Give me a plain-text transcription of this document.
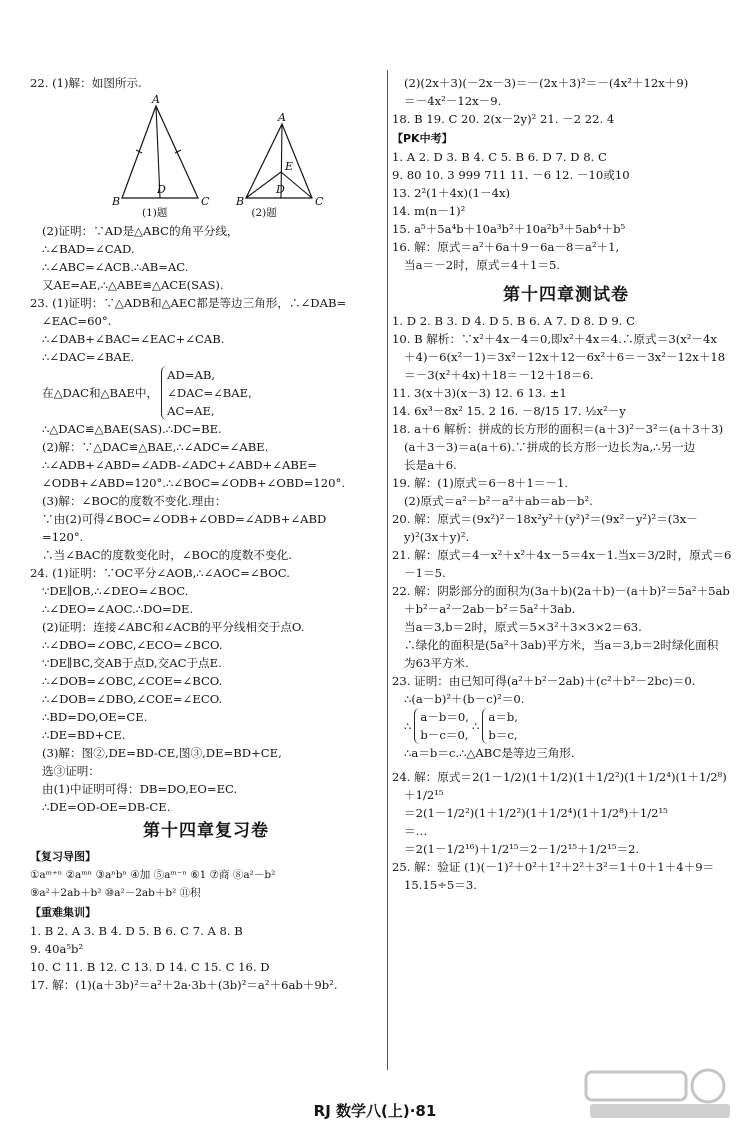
22. (1)解：如图所示.
A
B	C
D
A
B	C
D
E
(1)题	(2)题
(2)证明：∵AD是△ABC的角平分线，
∴∠BAD=∠CAD.
∴∠ABC=∠ACB.∴AB=AC.
又AE=AE,∴△ABE≌△ACE(SAS).
23. (1)证明：∵△ADB和△AEC都是等边三角形，∴∠DAB=
∠EAC=60°.
∴∠DAB+∠BAC=∠EAC+∠CAB.
∴∠DAC=∠BAE.
在△DAC和△BAE中，
AD=AB,
∠DAC=∠BAE,
AC=AE,
∴△DAC≌△BAE(SAS).∴DC=BE.
(2)解：∵△DAC≌△BAE,∴∠ADC=∠ABE.
∴∠ADB+∠ABD=∠ADB-∠ADC+∠ABD+∠ABE=
∠ODB+∠ABD=120°.∴∠BOC=∠ODB+∠OBD=120°.
(3)解：∠BOC的度数不变化.理由：
∵由(2)可得∠BOC=∠ODB+∠OBD=∠ADB+∠ABD
=120°.
∴当∠BAC的度数变化时，∠BOC的度数不变化.
24. (1)证明：∵OC平分∠AOB,∴∠AOC=∠BOC.
∵DE∥OB,∴∠DEO=∠BOC.
∴∠DEO=∠AOC.∴DO=DE.
(2)证明：连接∠ABC和∠ACB的平分线相交于点O.
∴∠DBO=∠OBC,∠ECO=∠BCO.
∵DE∥BC,交AB于点D,交AC于点E.
∴∠DOB=∠OBC,∠COE=∠BCO.
∴∠DOB=∠DBO,∠COE=∠ECO.
∴BD=DO,OE=CE.
∴DE=BD+CE.
(3)解：图②,DE=BD-CE,图③,DE=BD+CE,
选③证明：
由(1)中证明可得：DB=DO,EO=EC.
∴DE=OD-OE=DB-CE.
第十四章复习卷
【复习导图】
①aᵐ⁺ⁿ ②aᵐⁿ ③aⁿbⁿ ④加 ⑤aᵐ⁻ⁿ ⑥1 ⑦商 ⑧a²－b²
⑨a²＋2ab＋b² ⑩a²－2ab＋b² ⑪积
【重难集训】
1. B 2. A 3. B 4. D 5. B 6. C 7. A 8. B
9. 40a⁵b²
10. C 11. B 12. C 13. D 14. C 15. C 16. D
17. 解：(1)(a＋3b)²＝a²＋2a·3b＋(3b)²＝a²＋6ab＋9b².
(2)(2x＋3)(－2x－3)＝－(2x＋3)²＝－(4x²＋12x＋9)
＝－4x²－12x－9.
18. B 19. C 20. 2(x－2y)² 21. －2 22. 4
【PK中考】
1. A 2. D 3. B 4. C 5. B 6. D 7. D 8. C
9. 80 10. 3 999 711 11. －6 12. －10或10
13. 2²(1＋4x)(1－4x)
14. m(n－1)²
15. a⁵＋5a⁴b＋10a³b²＋10a²b³＋5ab⁴＋b⁵
16. 解：原式＝a²＋6a＋9－6a－8＝a²＋1,
当a＝－2时，原式＝4＋1＝5.
第十四章测试卷
1. D 2. B 3. D 4. D 5. B 6. A 7. D 8. D 9. C
10. B 解析：∵x²＋4x－4＝0,即x²＋4x＝4.∴原式＝3(x²－4x
＋4)－6(x²－1)＝3x²－12x＋12－6x²＋6＝－3x²－12x＋18
＝－3(x²＋4x)＋18＝－12＋18＝6.
11. 3(x＋3)(x－3) 12. 6 13. ±1
14. 6x³－8x² 15. 2 16. －8/15 17. ½x²－y
18. a＋6 解析：拼成的长方形的面积＝(a＋3)²－3²＝(a＋3＋3)
(a＋3－3)＝a(a＋6).∵拼成的长方形一边长为a,∴另一边
长是a＋6.
19. 解：(1)原式＝6－8＋1＝－1.
(2)原式＝a²－b²－a²＋ab＝ab－b².
20. 解：原式＝(9x²)²－18x²y²＋(y²)²＝(9x²－y²)²＝(3x－
y)²(3x＋y)².
21. 解：原式＝4－x²＋x²＋4x－5＝4x－1.当x＝3/2时，原式＝6
－1＝5.
22. 解：阴影部分的面积为(3a＋b)(2a＋b)－(a＋b)²＝5a²＋5ab
＋b²－a²－2ab－b²＝5a²＋3ab.
当a＝3,b＝2时，原式＝5×3²＋3×3×2＝63.
∴绿化的面积是(5a²＋3ab)平方米，当a＝3,b＝2时绿化面积
为63平方米.
23. 证明：由已知可得(a²＋b²－2ab)＋(c²＋b²－2bc)＝0.
∴(a－b)²＋(b－c)²＝0.
∴
a－b＝0,
b－c＝0,
∴
a＝b,
b＝c,
∴a＝b＝c.∴△ABC是等边三角形.
24. 解：原式＝2(1－1/2)(1＋1/2)(1＋1/2²)(1＋1/2⁴)(1＋1/2⁸)
＋1/2¹⁵
＝2(1－1/2²)(1＋1/2²)(1＋1/2⁴)(1＋1/2⁸)＋1/2¹⁵
＝…
＝2(1－1/2¹⁶)＋1/2¹⁵＝2－1/2¹⁵＋1/2¹⁵＝2.
25. 解：验证 (1)(－1)²＋0²＋1²＋2²＋3²＝1＋0＋1＋4＋9＝
15.15÷5＝3.
RJ 数学八(上)·81
